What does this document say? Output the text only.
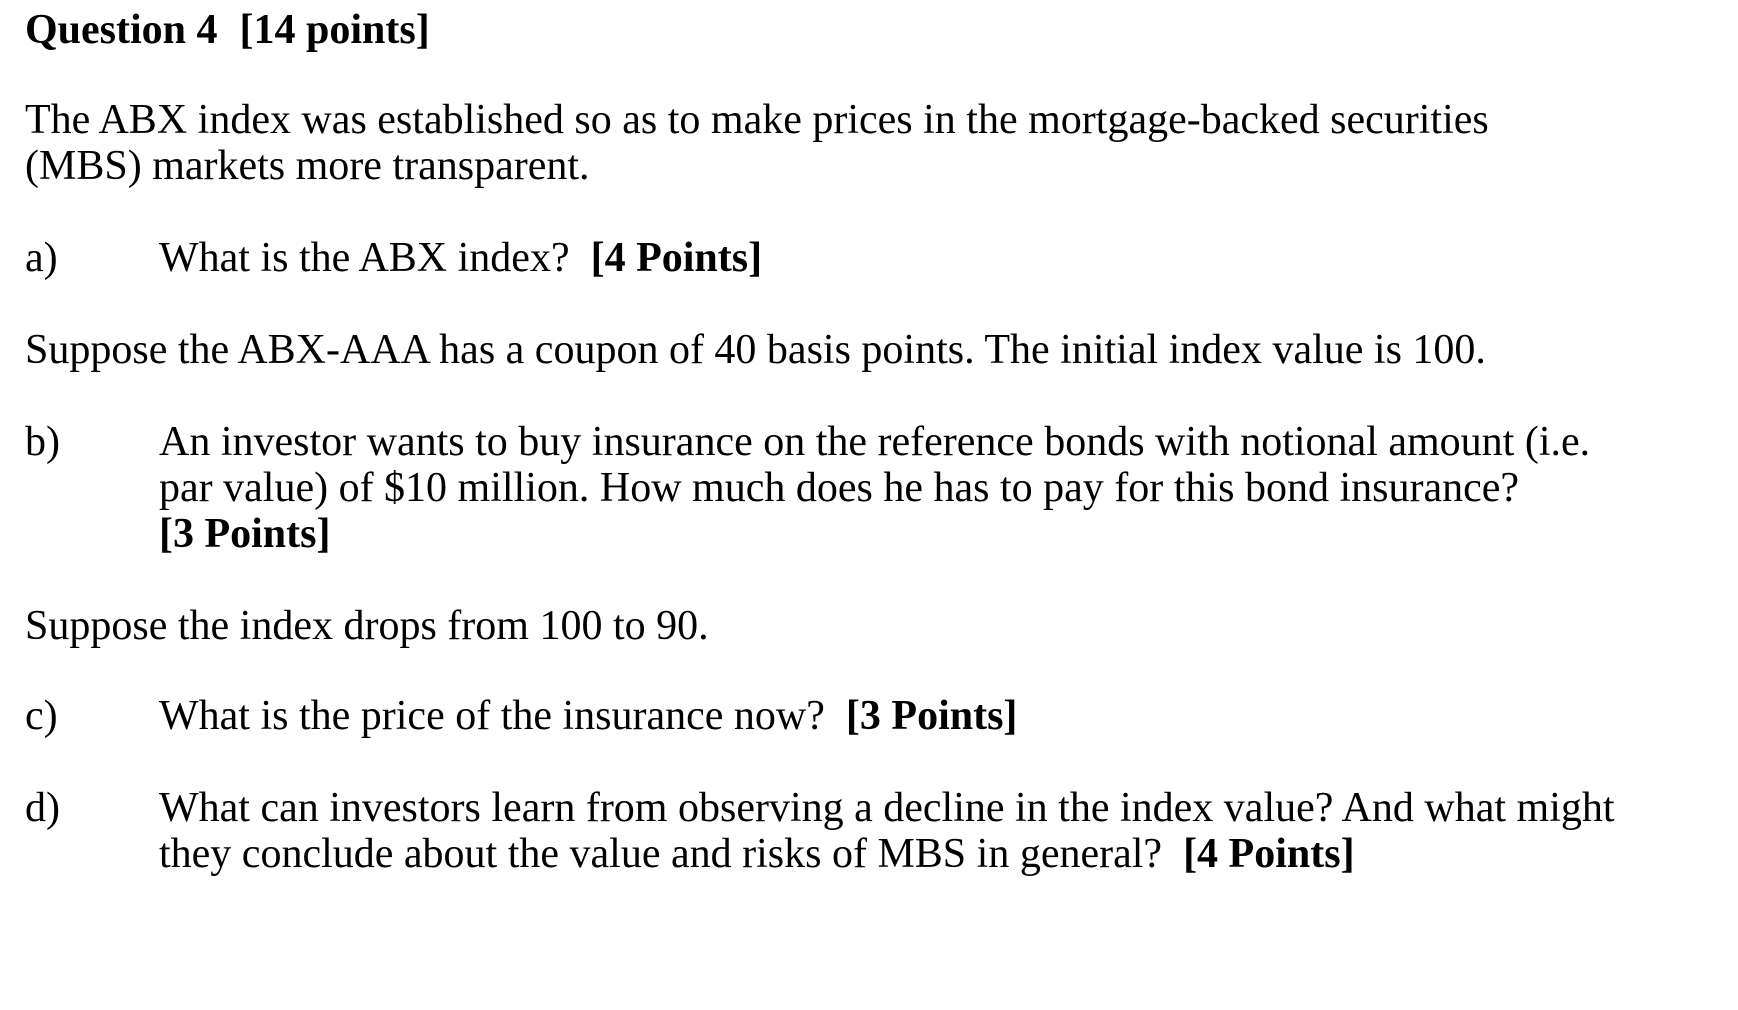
Question 4 [14 points]
The ABX index was established so as to make prices in the mortgage-backed securities
(MBS) markets more transparent.
a) What is the ABX index? [4 Points]
Suppose the ABX-AAA has a coupon of 40 basis points. The initial index value is 100.
b) An investor wants to buy insurance on the reference bonds with notional amount (i.e.
par value) of $10 million. How much does he has to pay for this bond insurance?
[3 Points]
Suppose the index drops from 100 to 90.
c) What is the price of the insurance now? [3 Points]
d) What can investors learn from observing a decline in the index value? And what might
they conclude about the value and risks of MBS in general? [4 Points]
